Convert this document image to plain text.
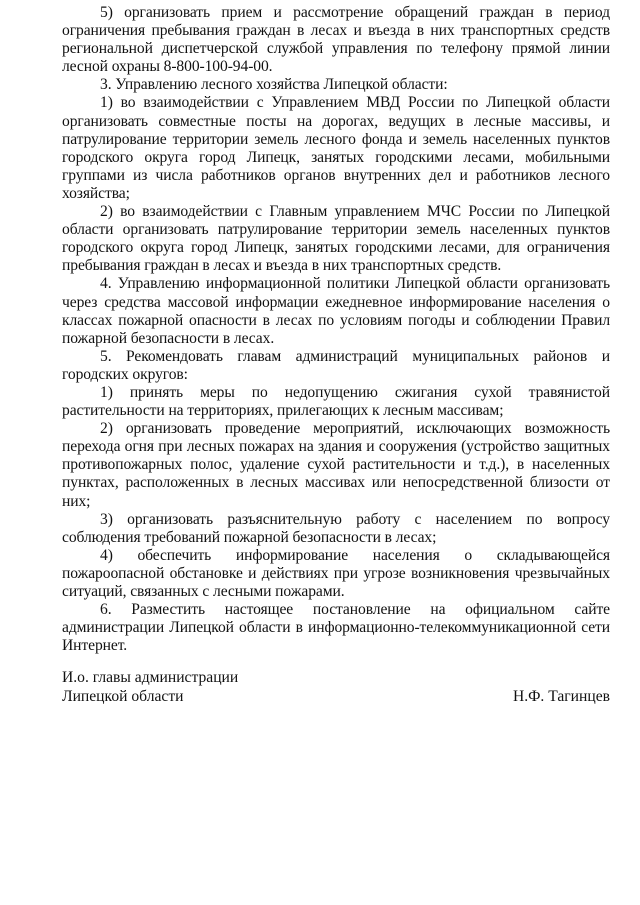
5) организовать прием и рассмотрение обращений граждан в период ограничения пребывания граждан в лесах и въезда в них транспортных средств региональной диспетчерской службой управления по телефону прямой линии лесной охраны 8-800-100-94-00.

3. Управлению лесного хозяйства Липецкой области:

1) во взаимодействии с Управлением МВД России по Липецкой области организовать совместные посты на дорогах, ведущих в лесные массивы, и патрулирование территории земель лесного фонда и земель населенных пунктов городского округа город Липецк, занятых городскими лесами, мобильными группами из числа работников органов внутренних дел и работников лесного хозяйства;

2) во взаимодействии с Главным управлением МЧС России по Липецкой области организовать патрулирование территории земель населенных пунктов городского округа город Липецк, занятых городскими лесами, для ограничения пребывания граждан в лесах и въезда в них транспортных средств.

4. Управлению информационной политики Липецкой области организовать через средства массовой информации ежедневное информирование населения о классах пожарной опасности в лесах по условиям погоды и соблюдении Правил пожарной безопасности в лесах.

5. Рекомендовать главам администраций муниципальных районов и городских округов:

1) принять меры по недопущению сжигания сухой травянистой растительности на территориях, прилегающих к лесным массивам;

2) организовать проведение мероприятий, исключающих возможность перехода огня при лесных пожарах на здания и сооружения (устройство защитных противопожарных полос, удаление сухой растительности и т.д.), в населенных пунктах, расположенных в лесных массивах или непосредственной близости от них;

3) организовать разъяснительную работу с населением по вопросу соблюдения требований пожарной безопасности в лесах;

4) обеспечить информирование населения о складывающейся пожароопасной обстановке и действиях при угрозе возникновения чрезвычайных ситуаций, связанных с лесными пожарами.

6. Разместить настоящее постановление на официальном сайте администрации Липецкой области в информационно-телекоммуникационной сети Интернет.

И.о. главы администрации
Липецкой области	Н.Ф. Тагинцев
